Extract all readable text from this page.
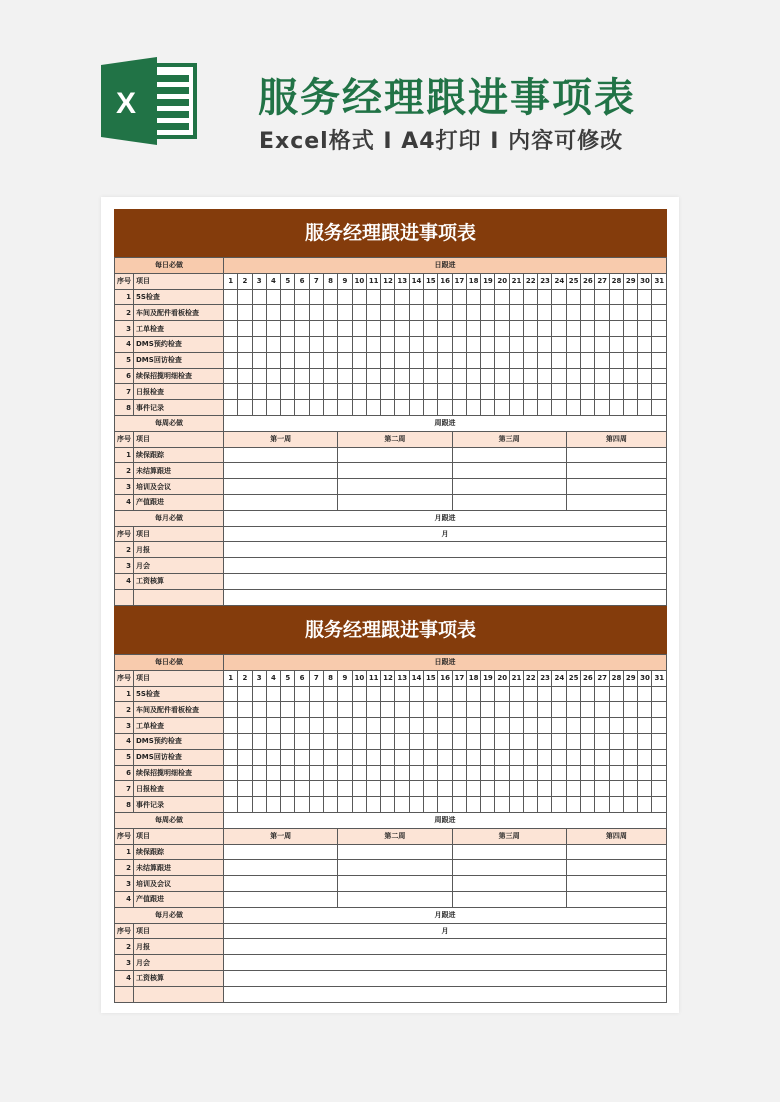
X	服务经理跟进事项表
Excel格式 I A4打印 I 内容可修改
服务经理跟进事项表
每日必做		日跟进																														
序号	项目	1	2	3	4	5	6	7	8	9	10	11	12	13	14	15	16	17	18	19	20	21	22	23	24	25	26	27	28	29	30	31
1	5S检查																															
2	车间及配件看板检查																															
3	工单检查																															
4	DMS预约检查																															
5	DMS回访检查																															
6	续保招揽明细检查																															
7	日报检查																															
8	事件记录																															
每周必做		周跟进																														
序号	项目	第一周								第二周								第三周								第四周						
1	续保跟踪																															
2	未结算跟进																															
3	培训及会议																															
4	产值跟进																															
每月必做		月跟进																														
序号	项目	月																														
2	月报																															
3	月会																															
4	工资核算																															

服务经理跟进事项表
每日必做		日跟进																														
序号	项目	1	2	3	4	5	6	7	8	9	10	11	12	13	14	15	16	17	18	19	20	21	22	23	24	25	26	27	28	29	30	31
1	5S检查																															
2	车间及配件看板检查																															
3	工单检查																															
4	DMS预约检查																															
5	DMS回访检查																															
6	续保招揽明细检查																															
7	日报检查																															
8	事件记录																															
每周必做		周跟进																														
序号	项目	第一周								第二周								第三周								第四周						
1	续保跟踪																															
2	未结算跟进																															
3	培训及会议																															
4	产值跟进																															
每月必做		月跟进																														
序号	项目	月																														
2	月报																															
3	月会																															
4	工资核算																															
